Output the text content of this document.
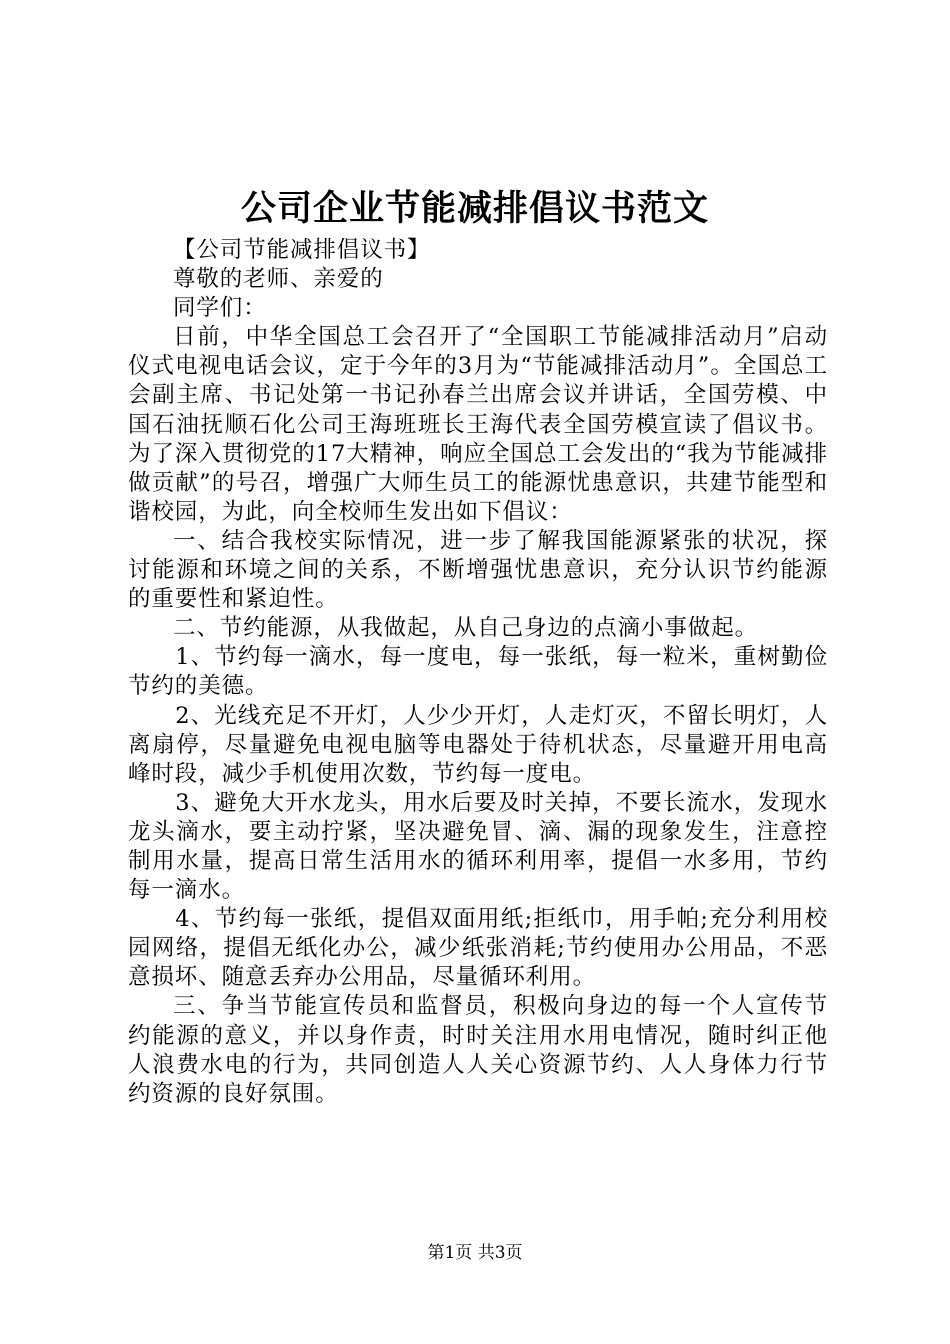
公司企业节能减排倡议书范文

【公司节能减排倡议书】

尊敬的老师、亲爱的

同学们：

日前，中华全国总工会召开了“全国职工节能减排活动月”启动仪式电视电话会议，定于今年的3月为“节能减排活动月”。全国总工会副主席、书记处第一书记孙春兰出席会议并讲话，全国劳模、中国石油抚顺石化公司王海班班长王海代表全国劳模宣读了倡议书。为了深入贯彻党的17大精神，响应全国总工会发出的“我为节能减排做贡献”的号召，增强广大师生员工的能源忧患意识，共建节能型和谐校园，为此，向全校师生发出如下倡议：

一、结合我校实际情况，进一步了解我国能源紧张的状况，探讨能源和环境之间的关系，不断增强忧患意识，充分认识节约能源的重要性和紧迫性。

二、节约能源，从我做起，从自己身边的点滴小事做起。

1、节约每一滴水，每一度电，每一张纸，每一粒米，重树勤俭节约的美德。

2、光线充足不开灯，人少少开灯，人走灯灭，不留长明灯，人离扇停，尽量避免电视电脑等电器处于待机状态，尽量避开用电高峰时段，减少手机使用次数，节约每一度电。

3、避免大开水龙头，用水后要及时关掉，不要长流水，发现水龙头滴水，要主动拧紧，坚决避免冒、滴、漏的现象发生，注意控制用水量，提高日常生活用水的循环利用率，提倡一水多用，节约每一滴水。

4、节约每一张纸，提倡双面用纸;拒纸巾，用手帕;充分利用校园网络，提倡无纸化办公，减少纸张消耗;节约使用办公用品，不恶意损坏、随意丢弃办公用品，尽量循环利用。

三、争当节能宣传员和监督员，积极向身边的每一个人宣传节约能源的意义，并以身作责，时时关注用水用电情况，随时纠正他人浪费水电的行为，共同创造人人关心资源节约、人人身体力行节约资源的良好氛围。

第1页 共3页
